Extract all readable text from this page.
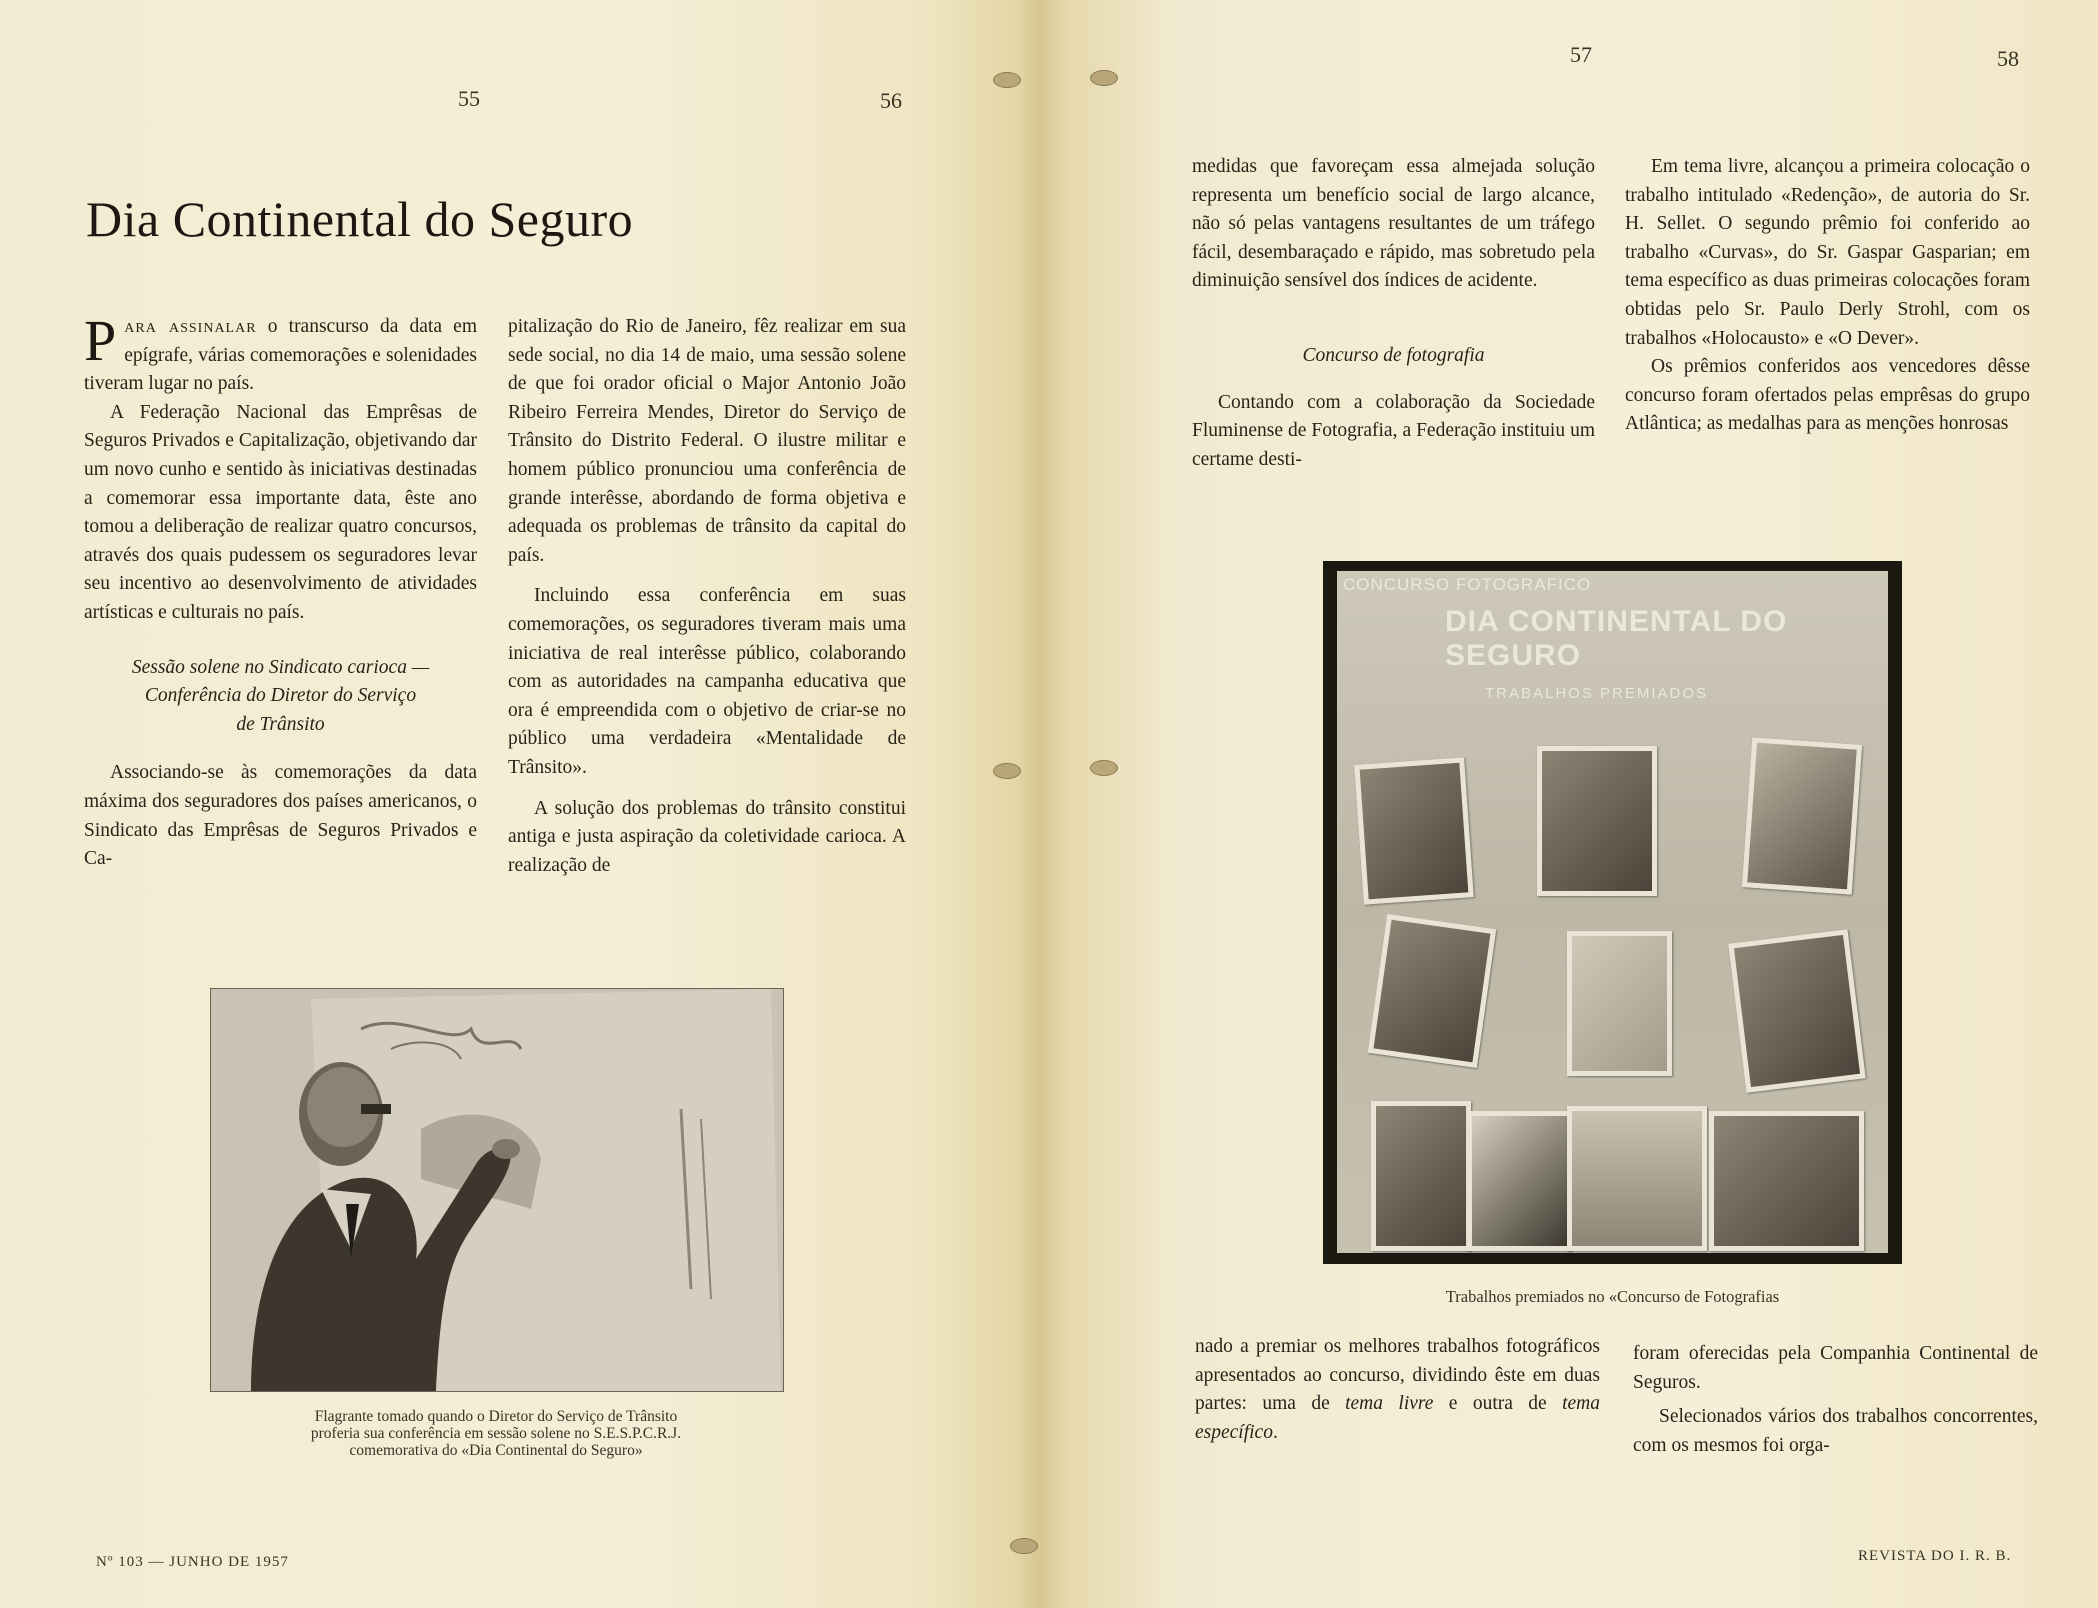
55	56
57	58
Dia Continental do Seguro

Para assinalar o transcurso da data em epígrafe, várias comemorações e solenidades tiveram lugar no país.

A Federação Nacional das Emprêsas de Seguros Privados e Capitalização, objetivando dar um novo cunho e sentido às iniciativas destinadas a comemorar essa importante data, êste ano tomou a deliberação de realizar quatro concursos, através dos quais pudessem os seguradores levar seu incentivo ao desenvolvimento de atividades artísticas e culturais no país.

Sessão solene no Sindicato carioca —
Conferência do Diretor do Serviço
de Trânsito

Associando-se às comemorações da data máxima dos seguradores dos países americanos, o Sindicato das Emprêsas de Seguros Privados e Ca-

pitalização do Rio de Janeiro, fêz realizar em sua sede social, no dia 14 de maio, uma sessão solene de que foi orador oficial o Major Antonio João Ribeiro Ferreira Mendes, Diretor do Serviço de Trânsito do Distrito Federal. O ilustre militar e homem público pronunciou uma conferência de grande interêsse, abordando de forma objetiva e adequada os problemas de trânsito da capital do país.

Incluindo essa conferência em suas comemorações, os seguradores tiveram mais uma iniciativa de real interêsse público, colaborando com as autoridades na campanha educativa que ora é empreendida com o objetivo de criar-se no público uma verdadeira «Mentalidade de Trânsito».

A solução dos problemas do trânsito constitui antiga e justa aspiração da coletividade carioca. A realização de

Flagrante tomado quando o Diretor do Serviço de Trânsito
proferia sua conferência em sessão solene no S.E.S.P.C.R.J.
comemorativa do «Dia Continental do Seguro»
Nº 103 — JUNHO DE 1957

medidas que favoreçam essa almejada solução representa um benefício social de largo alcance, não só pelas vantagens resultantes de um tráfego fácil, desembaraçado e rápido, mas sobretudo pela diminuição sensível dos índices de acidente.

Concurso de fotografia

Contando com a colaboração da Sociedade Fluminense de Fotografia, a Federação instituiu um certame desti-

Em tema livre, alcançou a primeira colocação o trabalho intitulado «Redenção», de autoria do Sr. H. Sellet. O segundo prêmio foi conferido ao trabalho «Curvas», do Sr. Gaspar Gasparian; em tema específico as duas primeiras colocações foram obtidas pelo Sr. Paulo Derly Strohl, com os trabalhos «Holocausto» e «O Dever».

Os prêmios conferidos aos vencedores dêsse concurso foram ofertados pelas emprêsas do grupo Atlântica; as medalhas para as menções honrosas

CONCURSO FOTOGRAFICO
DIA CONTINENTAL DO SEGURO
TRABALHOS PREMIADOS
Trabalhos premiados no «Concurso de Fotografias

nado a premiar os melhores trabalhos fotográficos apresentados ao concurso, dividindo êste em duas partes: uma de tema livre e outra de tema específico.

foram oferecidas pela Companhia Continental de Seguros.

Selecionados vários dos trabalhos concorrentes, com os mesmos foi orga-

REVISTA DO I. R. B.
